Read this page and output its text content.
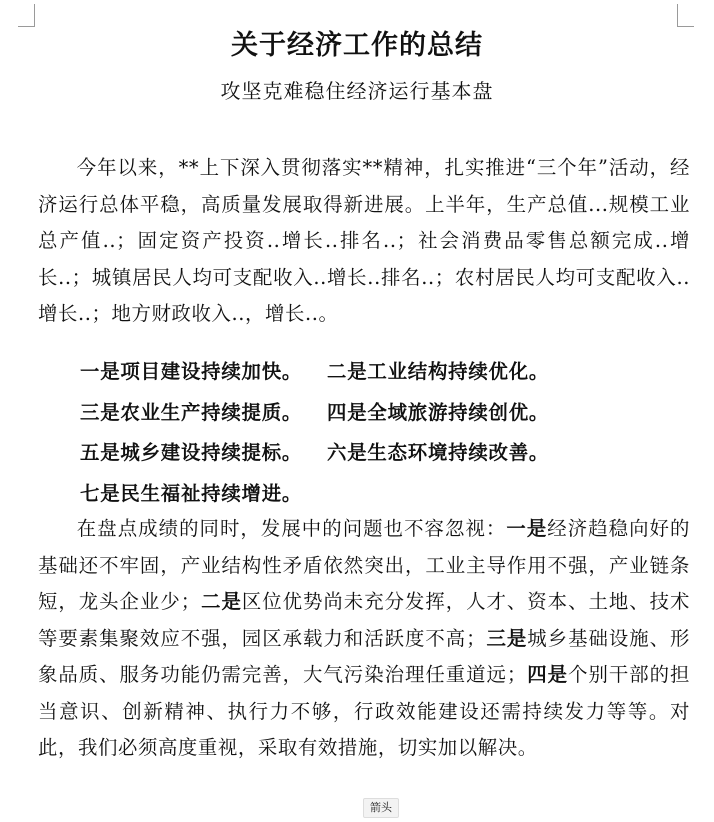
关于经济工作的总结
攻坚克难稳住经济运行基本盘
今年以来，**上下深入贯彻落实**精神，扎实推进“三个年”活动，经济运行总体平稳，高质量发展取得新进展。上半年，生产总值...规模工业总产值..；固定资产投资..增长..排名..；社会消费品零售总额完成..增长..；城镇居民人均可支配收入..增长..排名..；农村居民人均可支配收入..增长..；地方财政收入..，增长..。
一是项目建设持续加快。 二是工业结构持续优化。
三是农业生产持续提质。 四是全域旅游持续创优。
五是城乡建设持续提标。 六是生态环境持续改善。
七是民生福祉持续增进。
在盘点成绩的同时，发展中的问题也不容忽视：一是经济趋稳向好的基础还不牢固，产业结构性矛盾依然突出，工业主导作用不强，产业链条短，龙头企业少；二是区位优势尚未充分发挥，人才、资本、土地、技术等要素集聚效应不强，园区承载力和活跃度不高；三是城乡基础设施、形象品质、服务功能仍需完善，大气污染治理任重道远；四是个别干部的担当意识、创新精神、执行力不够，行政效能建设还需持续发力等等。对此，我们必须高度重视，采取有效措施，切实加以解决。
箭头
